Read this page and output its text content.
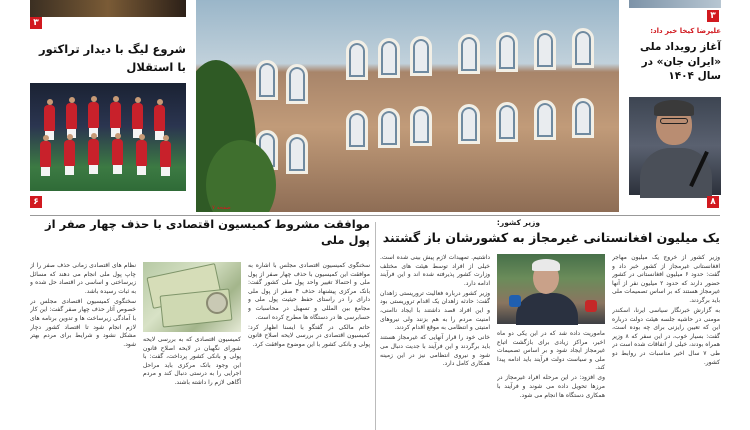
۳
شروع لیگ با دیدار تراکتور با استقلال
۶
صفحه ۷
۳
علیرضا کیخا خبر داد:
آغاز رویداد ملی «ایران جان» در سال ۱۴۰۴
۸
وزیر کشور:
یک میلیون افغانستانی غیرمجاز به کشورشان باز گشتند

وزیر کشور از خروج یک میلیون مهاجر افغانستانی غیرمجاز از کشور خبر داد و گفت: حدود ۶ میلیون افغانستانی در کشور حضور دارند که حدود ۲ میلیون نفر از آنها غیرمجاز هستند که بر اساس تصمیمات ملی باید برگردند.

به گزارش خبرنگار سیاسی ایرنا، اسکندر مومنی در حاشیه جلسه هیئت دولت درباره این که تعیین رایزنی برای چه بوده است، گفت: بسیار خوب، در این سفر که ۸ وزیر همراه بودند، خیلی از اتفاقات شده است در طی ۷ سال اخیر مناسبات در روابط دو کشور.

ماموریت داده شد که در این یکی دو ماه اخیر، مراکز زیادی برای بازگشت اتباع غیرمجاز ایجاد شود و بر اساس تصمیمات ملی و سیاست دولت فرآیند باید ادامه پیدا کند.

وی افزود: در این مرحله افراد غیرمجاز در مرزها تحویل داده می شوند و فرآیند با همکاری دستگاه ها انجام می شود.

داشتیم. تمهیدات لازم پیش بینی شده است. خیلی از افراد توسط هیئت های مختلف وزارت کشور پذیرفته شده اند و این فرآیند ادامه دارد.

وزیر کشور درباره فعالیت تروریستی زاهدان گفت: حادثه زاهدان یک اقدام تروریستی بود و این افراد قصد داشتند با ایجاد ناامنی، امنیت مردم را به هم بزنند ولی نیروهای امنیتی و انتظامی به موقع اقدام کردند.

خانی خود را قرار آنهایی که غیرمجاز هستند باید برگردند و این فرآیند با جدیت دنبال می شود و نیروی انتظامی نیز در این زمینه همکاری کامل دارد.

موافقت مشروط کمیسیون اقتصادی با حذف چهار صفر از پول ملی

سخنگوی کمیسیون اقتصادی مجلس با اشاره به موافقت این کمیسیون با حذف چهار صفر از پول ملی و احتمالا تغییر واحد پول ملی کشور گفت: بانک مرکزی پیشنهاد حذف ۴ صفر از پول ملی دارای را در راستای حفظ حیثیت پول ملی و مجامع بین المللی و تسهیل در محاسبات و حسابرسی ها در دستگاه ها مطرح کرده است.

حاتم مالکی در گفتگو با ایسنا اظهار کرد: کمیسیون اقتصادی در بررسی لایحه اصلاح قانون پولی و بانکی کشور با این موضوع موافقت کرد.

کمیسیون اقتصادی که به بررسی لایحه شورای نگهبان در لایحه اصلاح قانون پولی و بانکی کشور پرداخت، گفت: با این وجود بانک مرکزی باید مراحل اجرایی را به درستی دنبال کند و مردم آگاهی لازم را داشته باشند.

نظام های اقتصادی زمانی حذف صفر را از چاپ پول ملی انجام می دهند که مسائل زیرساختی و اساسی در اقتصاد حل شده و به ثبات رسیده باشد.

سخنگوی کمیسیون اقتصادی مجلس در خصوص آثار حذف چهار صفر گفت: این کار با آمادگی زیرساخت ها و تدوین برنامه های لازم انجام شود تا اقتصاد کشور دچار مشکل نشود و شرایط برای مردم بهتر شود.
